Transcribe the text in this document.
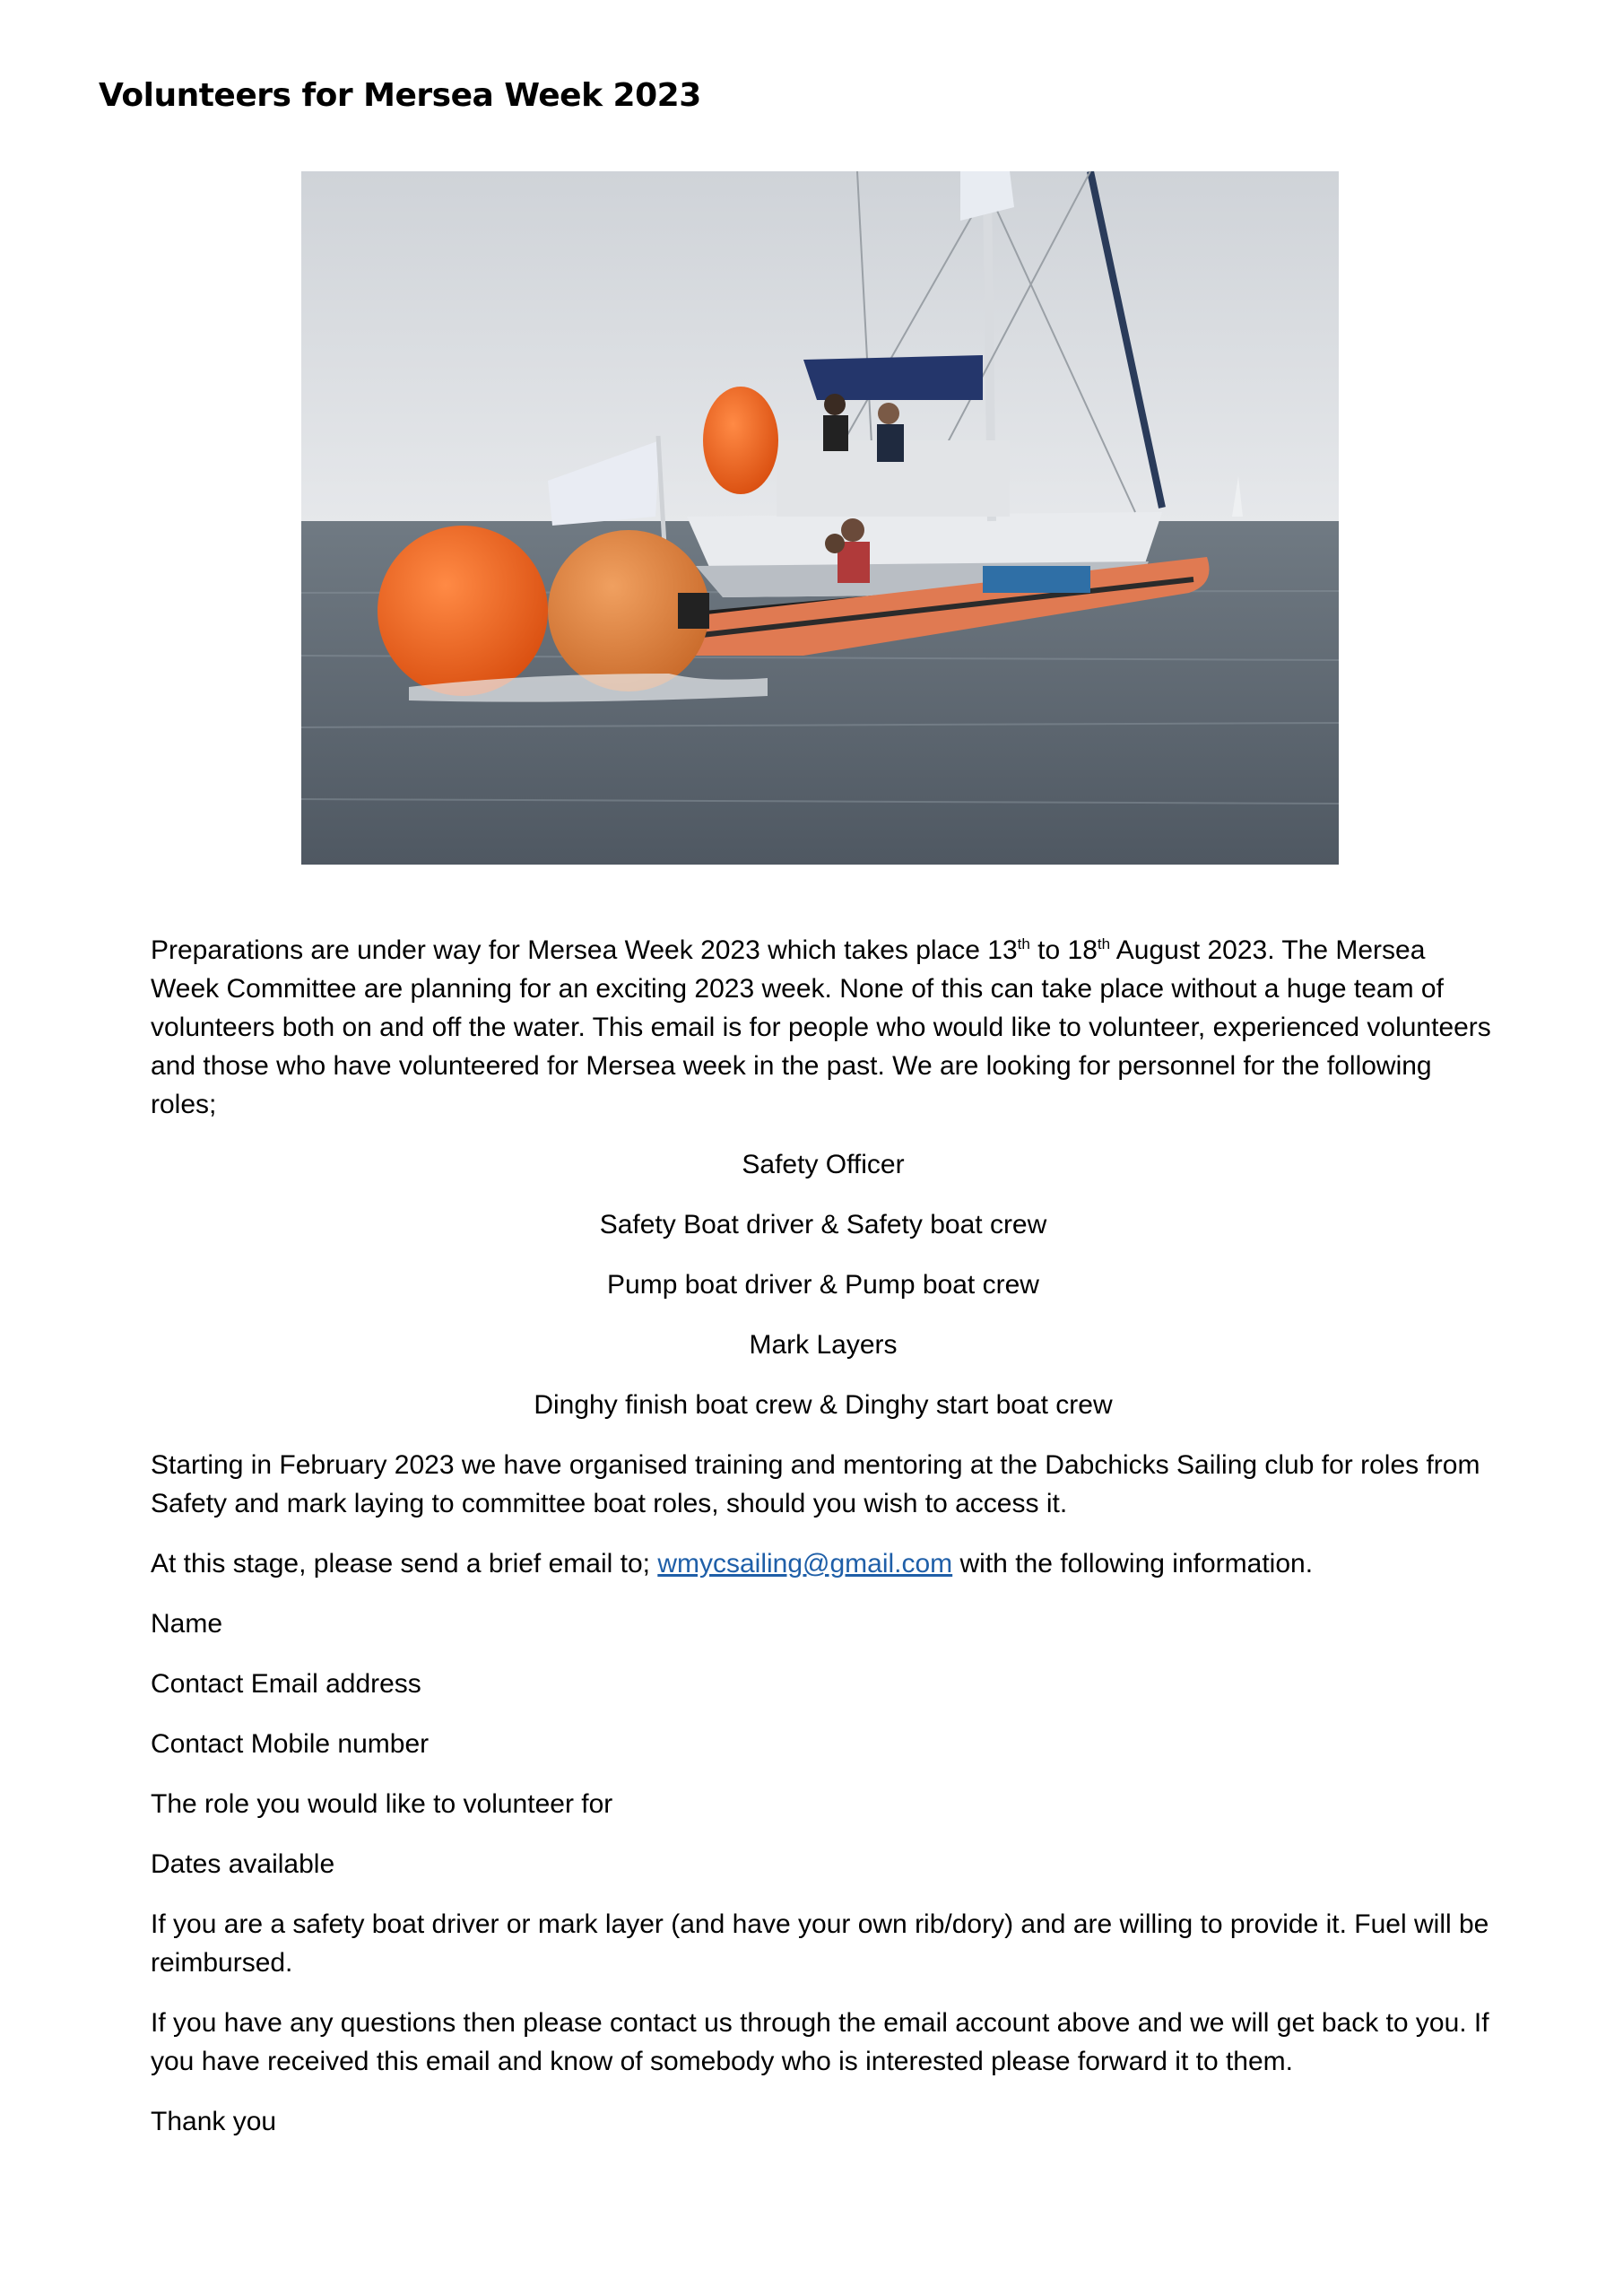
Volunteers for Mersea Week 2023

Preparations are under way for Mersea Week 2023 which takes place 13th to 18th August 2023. The Mersea Week Committee are planning for an exciting 2023 week. None of this can take place without a huge team of volunteers both on and off the water. This email is for people who would like to volunteer, experienced volunteers and those who have volunteered for Mersea week in the past. We are looking for personnel for the following roles;

Safety Officer

Safety Boat driver & Safety boat crew

Pump boat driver & Pump boat crew

Mark Layers

Dinghy finish boat crew & Dinghy start boat crew

Starting in February 2023 we have organised training and mentoring at the Dabchicks Sailing club for roles from Safety and mark laying to committee boat roles, should you wish to access it.

At this stage, please send a brief email to; wmycsailing@gmail.com with the following information.

Name

Contact Email address

Contact Mobile number

The role you would like to volunteer for

Dates available

If you are a safety boat driver or mark layer (and have your own rib/dory) and are willing to provide it. Fuel will be reimbursed.

If you have any questions then please contact us through the email account above and we will get back to you. If you have received this email and know of somebody who is interested please forward it to them.

Thank you
